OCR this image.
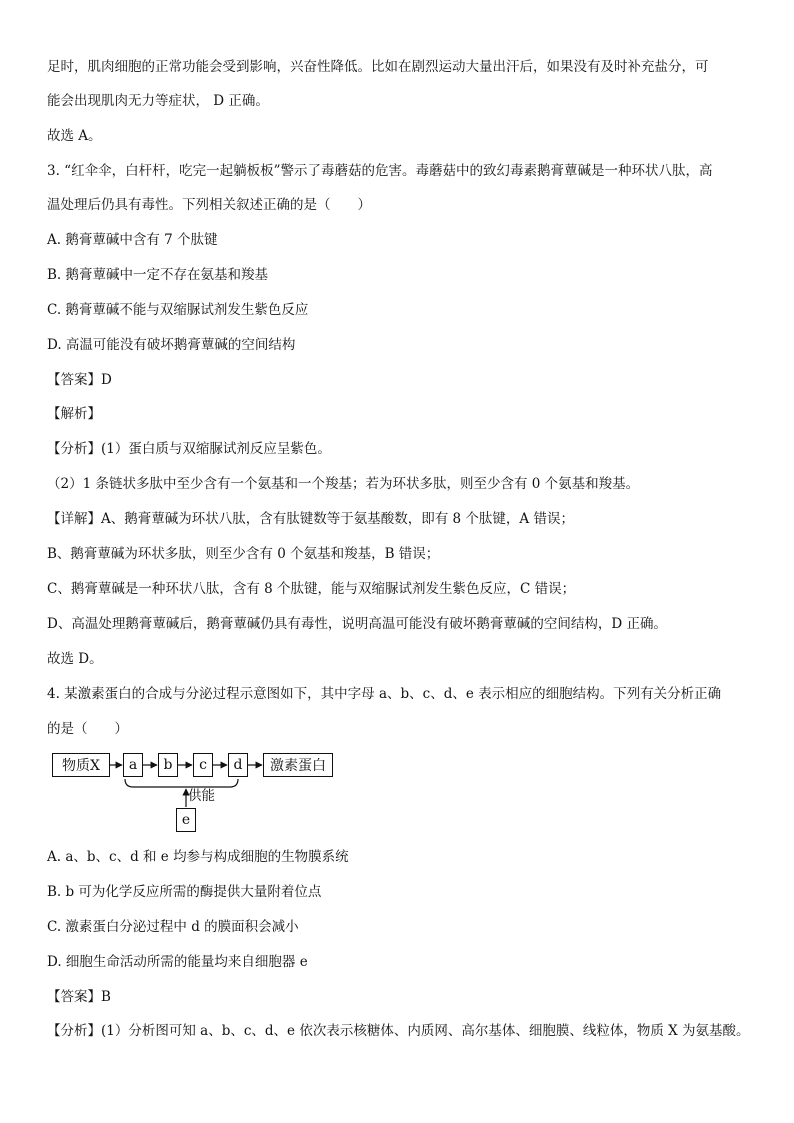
足时，肌肉细胞的正常功能会受到影响，兴奋性降低。比如在剧烈运动大量出汗后，如果没有及时补充盐分，可
能会出现肌肉无力等症状， D 正确。
故选 A。
3. “红伞伞，白杆杆，吃完一起躺板板”警示了毒蘑菇的危害。毒蘑菇中的致幻毒素鹅膏蕈碱是一种环状八肽，高
温处理后仍具有毒性。下列相关叙述正确的是（　　）
A. 鹅膏蕈碱中含有 7 个肽键
B. 鹅膏蕈碱中一定不存在氨基和羧基
C. 鹅膏蕈碱不能与双缩脲试剂发生紫色反应
D. 高温可能没有破坏鹅膏蕈碱的空间结构
【答案】D
【解析】
【分析】(1）蛋白质与双缩脲试剂反应呈紫色。
（2）1 条链状多肽中至少含有一个氨基和一个羧基；若为环状多肽，则至少含有 0 个氨基和羧基。
【详解】A、鹅膏蕈碱为环状八肽，含有肽键数等于氨基酸数，即有 8 个肽键，A 错误；
B、鹅膏蕈碱为环状多肽，则至少含有 0 个氨基和羧基，B 错误；
C、鹅膏蕈碱是一种环状八肽，含有 8 个肽键，能与双缩脲试剂发生紫色反应，C 错误；
D、高温处理鹅膏蕈碱后，鹅膏蕈碱仍具有毒性，说明高温可能没有破坏鹅膏蕈碱的空间结构，D 正确。
故选 D。
4. 某激素蛋白的合成与分泌过程示意图如下，其中字母 a、b、c、d、e 表示相应的细胞结构。下列有关分析正确
的是（　　）
物质X	a	b	c	d	激素蛋白
e
供能
A. a、b、c、d 和 e 均参与构成细胞的生物膜系统
B. b 可为化学反应所需的酶提供大量附着位点
C. 激素蛋白分泌过程中 d 的膜面积会减小
D. 细胞生命活动所需的能量均来自细胞器 e
【答案】B
【分析】(1）分析图可知 a、b、c、d、e 依次表示核糖体、内质网、高尔基体、细胞膜、线粒体，物质 X 为氨基酸。
